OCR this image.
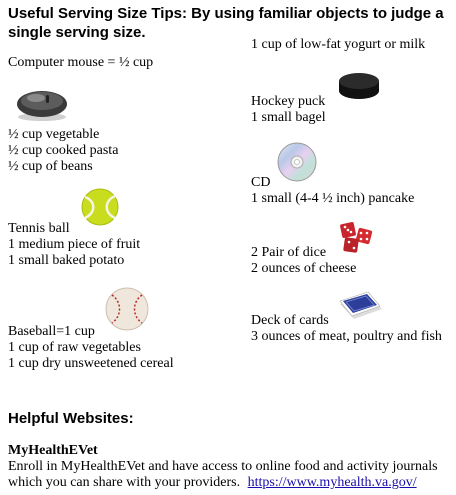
Useful Serving Size Tips: By using familiar objects to judge a single serving size.
Computer mouse = ½ cup
½ cup vegetable
½ cup cooked pasta
½ cup of beans
Tennis ball
1 medium piece of fruit
1 small baked potato
Baseball=1 cup
1 cup of raw vegetables
1 cup dry unsweetened cereal
1 cup of low-fat yogurt or milk
Hockey puck
1 small bagel
CD
1 small (4-4 ½ inch) pancake
2 Pair of dice
2 ounces of cheese
Deck of cards
3 ounces of meat, poultry and fish
Helpful Websites:
MyHealthEVet
Enroll in MyHealthEVet and have access to online food and activity journals
which you can share with your providers. https://www.myhealth.va.gov/
